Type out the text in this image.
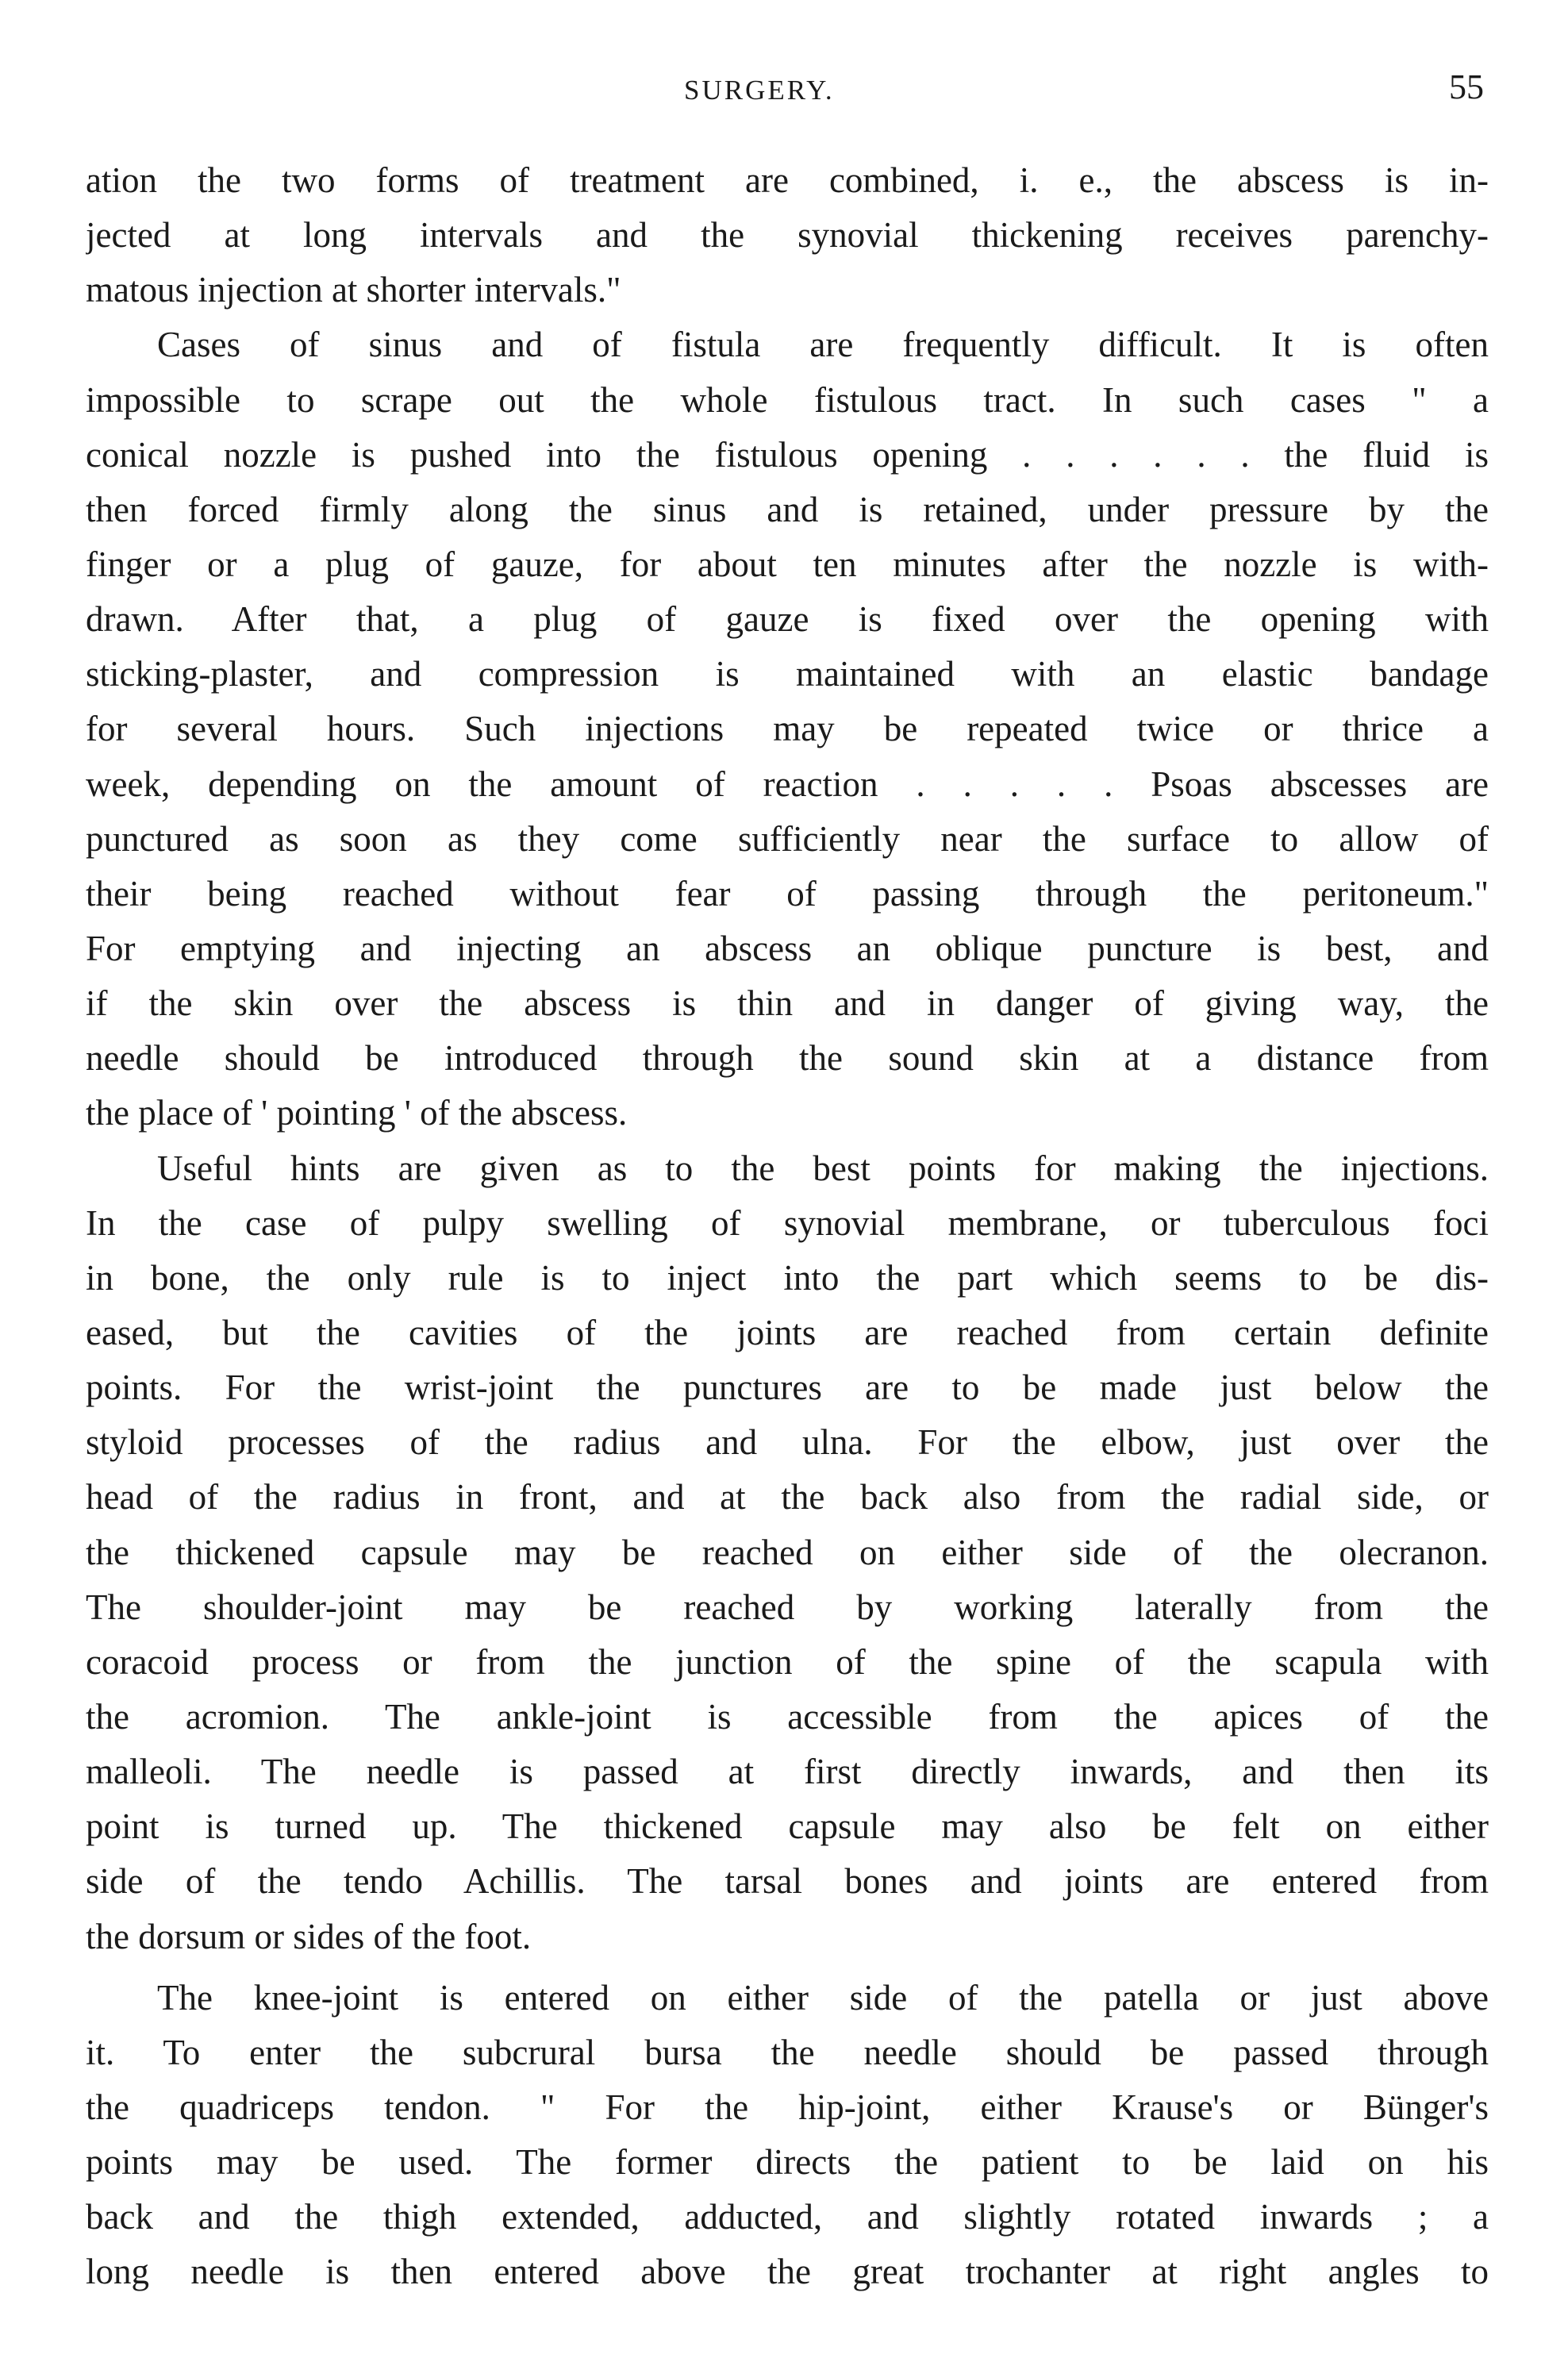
SURGERY.	55
ation the two forms of treatment are combined, i. e., the abscess is in-
jected at long intervals and the synovial thickening receives parenchy-
matous injection at shorter intervals."
Cases of sinus and of fistula are frequently difficult. It is often
impossible to scrape out the whole fistulous tract. In such cases " a
conical nozzle is pushed into the fistulous opening . . . . . . the fluid is
then forced firmly along the sinus and is retained, under pressure by the
finger or a plug of gauze, for about ten minutes after the nozzle is with-
drawn. After that, a plug of gauze is fixed over the opening with
sticking-plaster, and compression is maintained with an elastic bandage
for several hours. Such injections may be repeated twice or thrice a
week, depending on the amount of reaction . . . . . Psoas abscesses are
punctured as soon as they come sufficiently near the surface to allow of
their being reached without fear of passing through the peritoneum."
For emptying and injecting an abscess an oblique puncture is best, and
if the skin over the abscess is thin and in danger of giving way, the
needle should be introduced through the sound skin at a distance from
the place of ' pointing ' of the abscess.
Useful hints are given as to the best points for making the injections.
In the case of pulpy swelling of synovial membrane, or tuberculous foci
in bone, the only rule is to inject into the part which seems to be dis-
eased, but the cavities of the joints are reached from certain definite
points. For the wrist-joint the punctures are to be made just below the
styloid processes of the radius and ulna. For the elbow, just over the
head of the radius in front, and at the back also from the radial side, or
the thickened capsule may be reached on either side of the olecranon.
The shoulder-joint may be reached by working laterally from the
coracoid process or from the junction of the spine of the scapula with
the acromion. The ankle-joint is accessible from the apices of the
malleoli. The needle is passed at first directly inwards, and then its
point is turned up. The thickened capsule may also be felt on either
side of the tendo Achillis. The tarsal bones and joints are entered from
the dorsum or sides of the foot.
The knee-joint is entered on either side of the patella or just above
it. To enter the subcrural bursa the needle should be passed through
the quadriceps tendon. " For the hip-joint, either Krause's or Bünger's
points may be used. The former directs the patient to be laid on his
back and the thigh extended, adducted, and slightly rotated inwards ; a
long needle is then entered above the great trochanter at right angles to
